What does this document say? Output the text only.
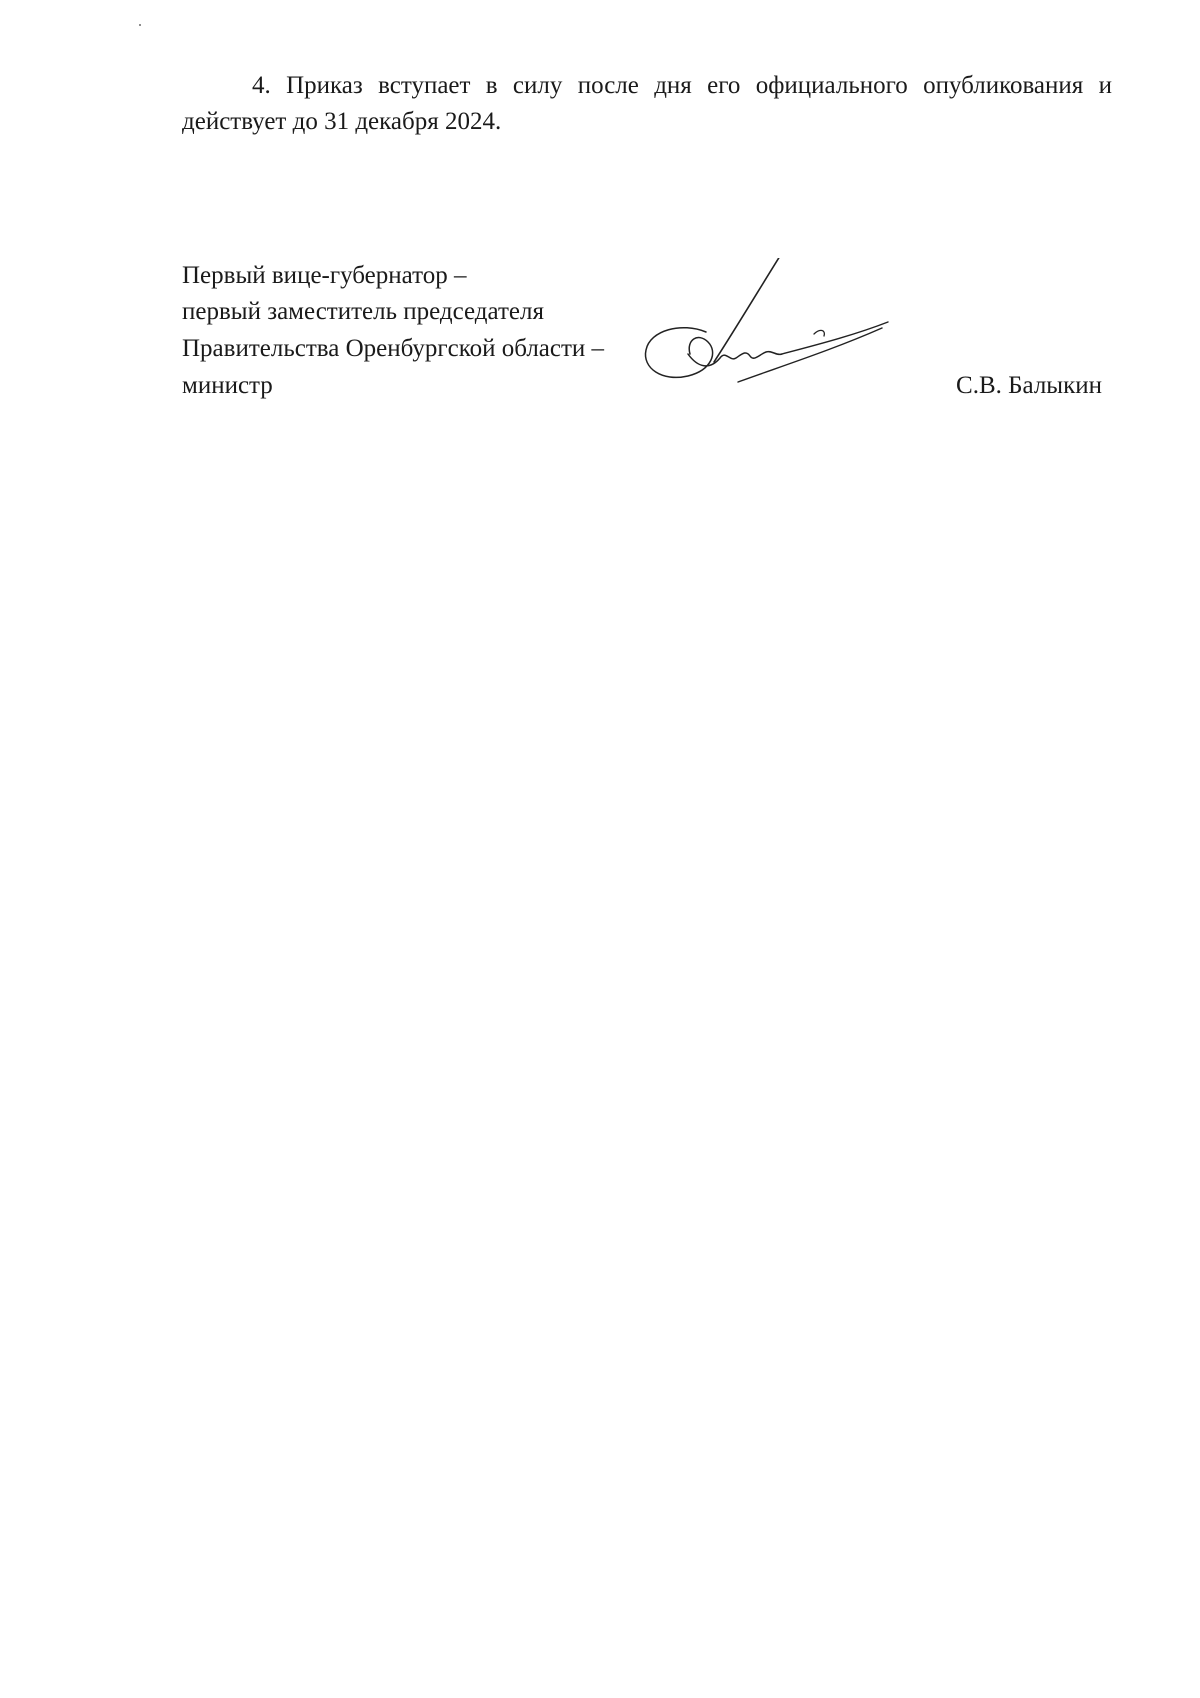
4. Приказ вступает в силу после дня его официального опубликования и действует до 31 декабря 2024.

Первый вице-губернатор –
первый заместитель председателя
Правительства Оренбургской области –
министр	С.В. Балыкин
